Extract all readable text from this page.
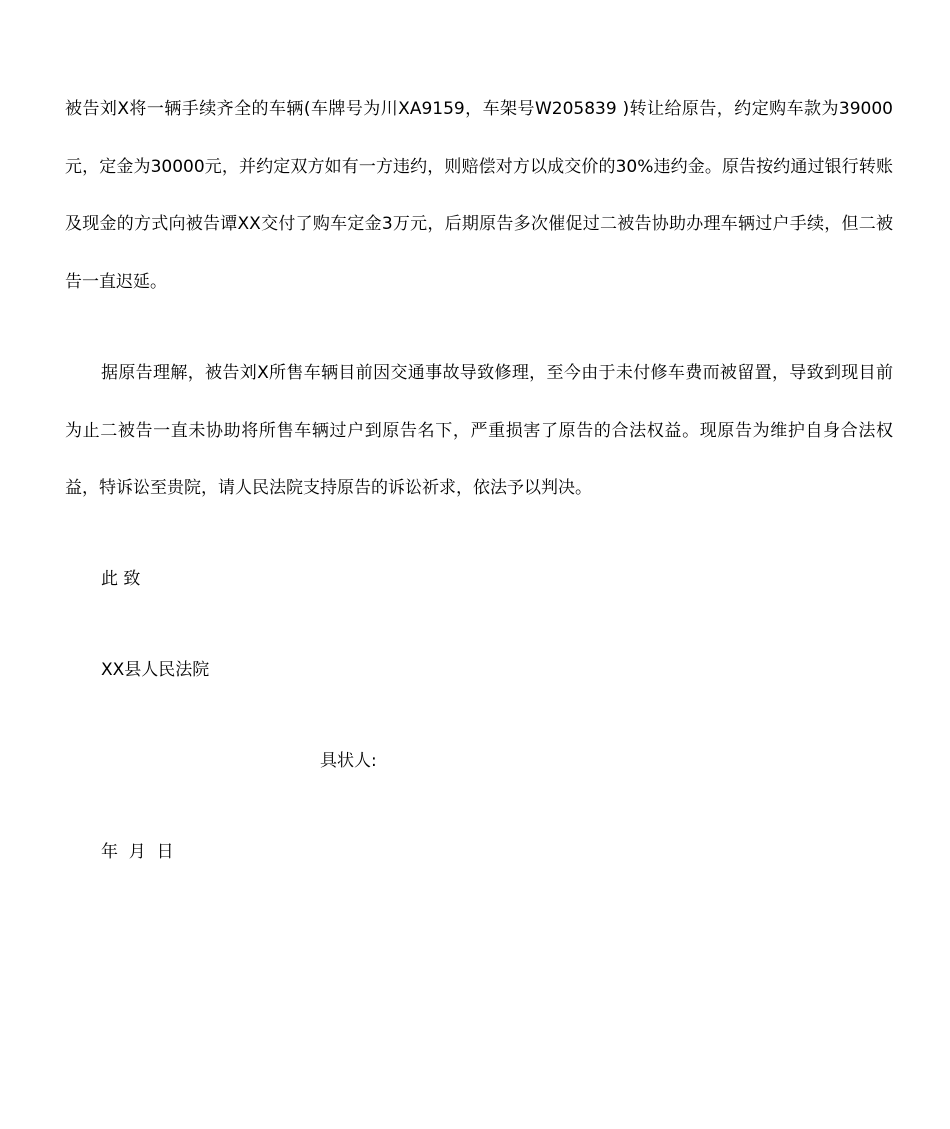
被告刘X将一辆手续齐全的车辆(车牌号为川XA9159，车架号W205839 )转让给原告，约定购车款为39000元，定金为30000元，并约定双方如有一方违约，则赔偿对方以成交价的30%违约金。原告按约通过银行转账及现金的方式向被告谭XX交付了购车定金3万元，后期原告多次催促过二被告协助办理车辆过户手续，但二被告一直迟延。

据原告理解，被告刘X所售车辆目前因交通事故导致修理，至今由于未付修车费而被留置，导致到现目前为止二被告一直未协助将所售车辆过户到原告名下，严重损害了原告的合法权益。现原告为维护自身合法权益，特诉讼至贵院，请人民法院支持原告的诉讼祈求，依法予以判决。

此 致
XX县人民法院
具状人:
年  月  日
